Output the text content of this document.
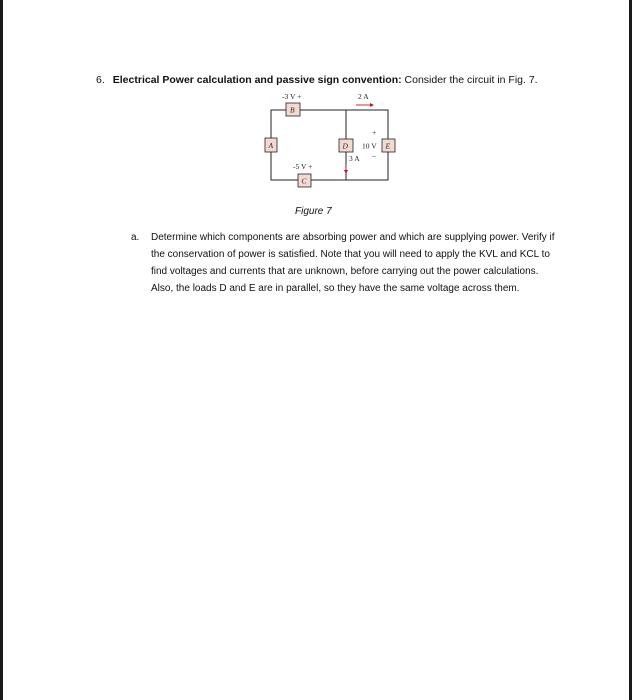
6. Electrical Power calculation and passive sign convention: Consider the circuit in Fig. 7.
A
B
-3 V +
C
-5 V +
D	E
+
10 V
–
2 A
3 A
Figure 7
a. Determine which components are absorbing power and which are supplying power. Verify if the conservation of power is satisfied. Note that you will need to apply the KVL and KCL to find voltages and currents that are unknown, before carrying out the power calculations. Also, the loads D and E are in parallel, so they have the same voltage across them.
